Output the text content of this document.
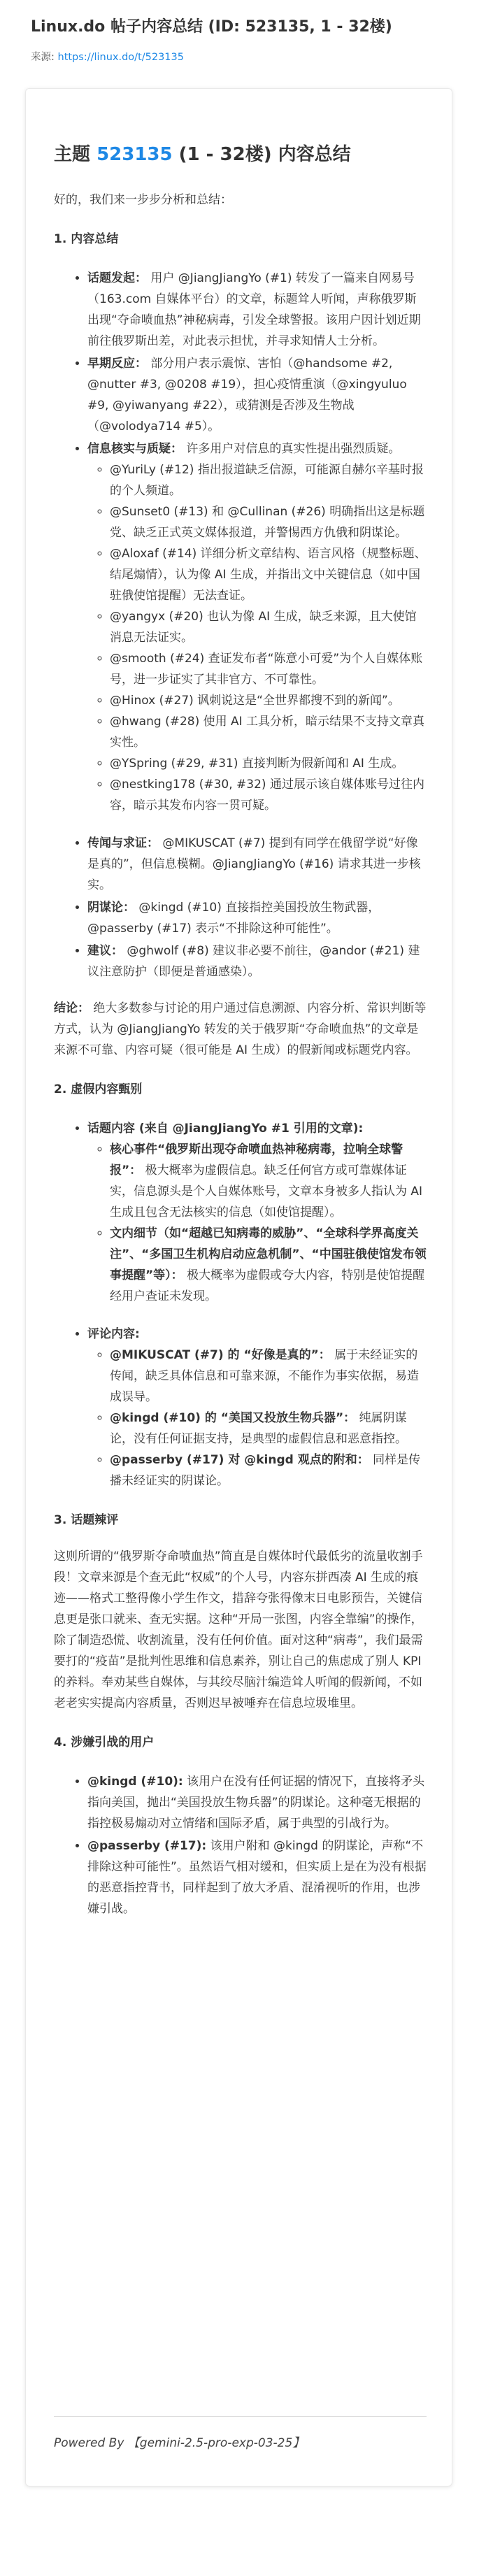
Linux.do 帖子内容总结 (ID: 523135, 1 - 32楼)
来源: https://linux.do/t/523135
主题 523135 (1 - 32楼) 内容总结

好的，我们来一步步分析和总结：

1. 内容总结
• 话题发起： 用户 @JiangJiangYo (#1) 转发了一篇来自网易号（163.com 自媒体平台）的文章，标题耸人听闻，声称俄罗斯出现“夺命喷血热”神秘病毒，引发全球警报。该用户因计划近期前往俄罗斯出差，对此表示担忧，并寻求知情人士分析。
• 早期反应： 部分用户表示震惊、害怕（@handsome #2, @nutter #3, @0208 #19），担心疫情重演（@xingyuluo #9, @yiwanyang #22），或猜测是否涉及生物战（@volodya714 #5）。
• 信息核实与质疑： 许多用户对信息的真实性提出强烈质疑。
◦ @YuriLy (#12) 指出报道缺乏信源，可能源自赫尔辛基时报的个人频道。
◦ @Sunset0 (#13) 和 @Cullinan (#26) 明确指出这是标题党、缺乏正式英文媒体报道，并警惕西方仇俄和阴谋论。
◦ @Aloxaf (#14) 详细分析文章结构、语言风格（规整标题、结尾煽情），认为像 AI 生成，并指出文中关键信息（如中国驻俄使馆提醒）无法查证。
◦ @yangyx (#20) 也认为像 AI 生成，缺乏来源，且大使馆消息无法证实。
◦ @smooth (#24) 查证发布者“陈意小可爱”为个人自媒体账号，进一步证实了其非官方、不可靠性。
◦ @Hinox (#27) 讽刺说这是“全世界都搜不到的新闻”。
◦ @hwang (#28) 使用 AI 工具分析，暗示结果不支持文章真实性。
◦ @YSpring (#29, #31) 直接判断为假新闻和 AI 生成。
◦ @nestking178 (#30, #32) 通过展示该自媒体账号过往内容，暗示其发布内容一贯可疑。
• 传闻与求证： @MIKUSCAT (#7) 提到有同学在俄留学说“好像是真的”，但信息模糊。@JiangJiangYo (#16) 请求其进一步核实。
• 阴谋论： @kingd (#10) 直接指控美国投放生物武器，@passerby (#17) 表示“不排除这种可能性”。
• 建议： @ghwolf (#8) 建议非必要不前往，@andor (#21) 建议注意防护（即便是普通感染）。

结论： 绝大多数参与讨论的用户通过信息溯源、内容分析、常识判断等方式，认为 @JiangJiangYo 转发的关于俄罗斯“夺命喷血热”的文章是来源不可靠、内容可疑（很可能是 AI 生成）的假新闻或标题党内容。

2. 虚假内容甄别
• 话题内容 (来自 @JiangJiangYo #1 引用的文章):
◦ 核心事件“俄罗斯出现夺命喷血热神秘病毒，拉响全球警报”： 极大概率为虚假信息。缺乏任何官方或可靠媒体证实，信息源头是个人自媒体账号，文章本身被多人指认为 AI 生成且包含无法核实的信息（如使馆提醒）。
◦ 文内细节（如“超越已知病毒的威胁”、“全球科学界高度关注”、“多国卫生机构启动应急机制”、“中国驻俄使馆发布领事提醒”等）： 极大概率为虚假或夸大内容，特别是使馆提醒经用户查证未发现。
• 评论内容:
◦ @MIKUSCAT (#7) 的 “好像是真的”： 属于未经证实的传闻，缺乏具体信息和可靠来源，不能作为事实依据，易造成误导。
◦ @kingd (#10) 的 “美国又投放生物兵器”： 纯属阴谋论，没有任何证据支持，是典型的虚假信息和恶意指控。
◦ @passerby (#17) 对 @kingd 观点的附和： 同样是传播未经证实的阴谋论。
3. 话题辣评

这则所谓的“俄罗斯夺命喷血热”简直是自媒体时代最低劣的流量收割手段！文章来源是个查无此“权威”的个人号，内容东拼西凑 AI 生成的痕迹——格式工整得像小学生作文，措辞夸张得像末日电影预告，关键信息更是张口就来、查无实据。这种“开局一张图，内容全靠编”的操作，除了制造恐慌、收割流量，没有任何价值。面对这种“病毒”，我们最需要打的“疫苗”是批判性思维和信息素养，别让自己的焦虑成了别人 KPI 的养料。奉劝某些自媒体，与其绞尽脑汁编造耸人听闻的假新闻，不如老老实实提高内容质量，否则迟早被唾弃在信息垃圾堆里。

4. 涉嫌引战的用户
• @kingd (#10): 该用户在没有任何证据的情况下，直接将矛头指向美国，抛出“美国投放生物兵器”的阴谋论。这种毫无根据的指控极易煽动对立情绪和国际矛盾，属于典型的引战行为。
• @passerby (#17): 该用户附和 @kingd 的阴谋论，声称“不排除这种可能性”。虽然语气相对缓和，但实质上是在为没有根据的恶意指控背书，同样起到了放大矛盾、混淆视听的作用，也涉嫌引战。
Powered By 【gemini-2.5-pro-exp-03-25】
